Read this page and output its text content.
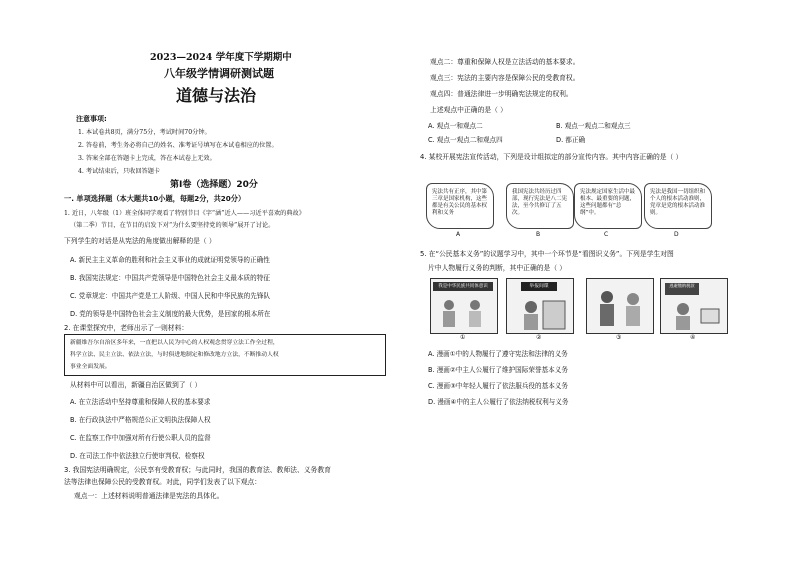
2023—2024 学年度下学期期中
八年级学情调研测试题
道德与法治
注意事项:
1. 本试卷共8页，满分75分，考试时间70分钟。
2. 答卷前，考生务必将自己的姓名、准考证号填写在本试卷相应的位置。
3. 答案全部在答题卡上完成，答在本试卷上无效。
4. 考试结束后，只收回答题卡
第Ⅰ卷（选择题）20分
一. 单项选择题（本大题共10小题，每题2分，共20分）
1. 近日，八年级（1）班全体同学观看了特别节目《字“涵”近人——习近平喜欢的典故》
（第二季）节目，在节目的启发下对“为什么要坚持党的领导”展开了讨论。
下列学生的对话是从宪法的角度做出解释的是（ ）
A. 新民主主义革命的胜利和社会主义事业的成就证明党领导的正确性
B. 我国宪法规定：中国共产党领导是中国特色社会主义最本质的特征
C. 党章规定：中国共产党是工人阶级、中国人民和中华民族的先锋队
D. 党的领导是中国特色社会主义制度的最大优势，是回家的根本所在
2. 在课堂探究中，老师出示了一则材料：
新疆维吾尔自治区多年来，一直把以人民为中心的人权观念贯穿立法工作全过程，
科学立法、民主立法、依法立法，与时俱进地制定和修改地方立法，不断推动人权
事业全面发展。
从材料中可以看出，新疆自治区做到了（ ）
A. 在立法活动中坚持尊重和保障人权的基本要求
B. 在行政执法中严格规范公正文明执法保障人权
C. 在监察工作中加强对所有行使公职人员的监督
D. 在司法工作中依法独立行使审判权、检察权
3. 我国宪法明确规定，公民享有受教育权；与此同时，我国的教育法、教师法、义务教育
法等法律也保障公民的受教育权。对此，同学们发表了以下观点：
观点一：上述材料说明普通法律是宪法的具体化。
观点二：尊重和保障人权是立法活动的基本要求。
观点三：宪法的主要内容是保障公民的受教育权。
观点四：普通法律进一步明确宪法规定的权利。
上述观点中正确的是（ ）
A. 观点一和观点二	B. 观点一观点二和观点三
C. 观点一观点二和观点四	D. 都正确
4. 某校开展宪法宣传活动，下列是设计组拟定的部分宣传内容。其中内容正确的是（ ）
宪法共有正序，其中第三章是国家机构，这些都是有关公民的基本权利和义务
我国宪法共经历过四部，现行宪法是八二宪法，至今共修订了五次。
宪法规定国家生活中最根本、最重要的问题，这些问题都有“总纲”中。
宪法是我国一切组织和个人的根本活动准则，党章是党的根本活动准则。
A	B	C	D
5. 在“公民基本义务”的议题学习中，其中一个环节是“看图识义务”。下列是学生对图
片中人物履行义务的判断，其中正确的是（ ）
我是中华民族共同体意识	举报间谍	逃避缴纳税款
①	②	③	④
A. 漫画①中的人物履行了遵守宪法和法律的义务
B. 漫画②中主人公履行了维护国际荣誉基本义务
C. 漫画③中年轻人履行了依法服兵役的基本义务
D. 漫画④中的主人公履行了依法纳税权利与义务
